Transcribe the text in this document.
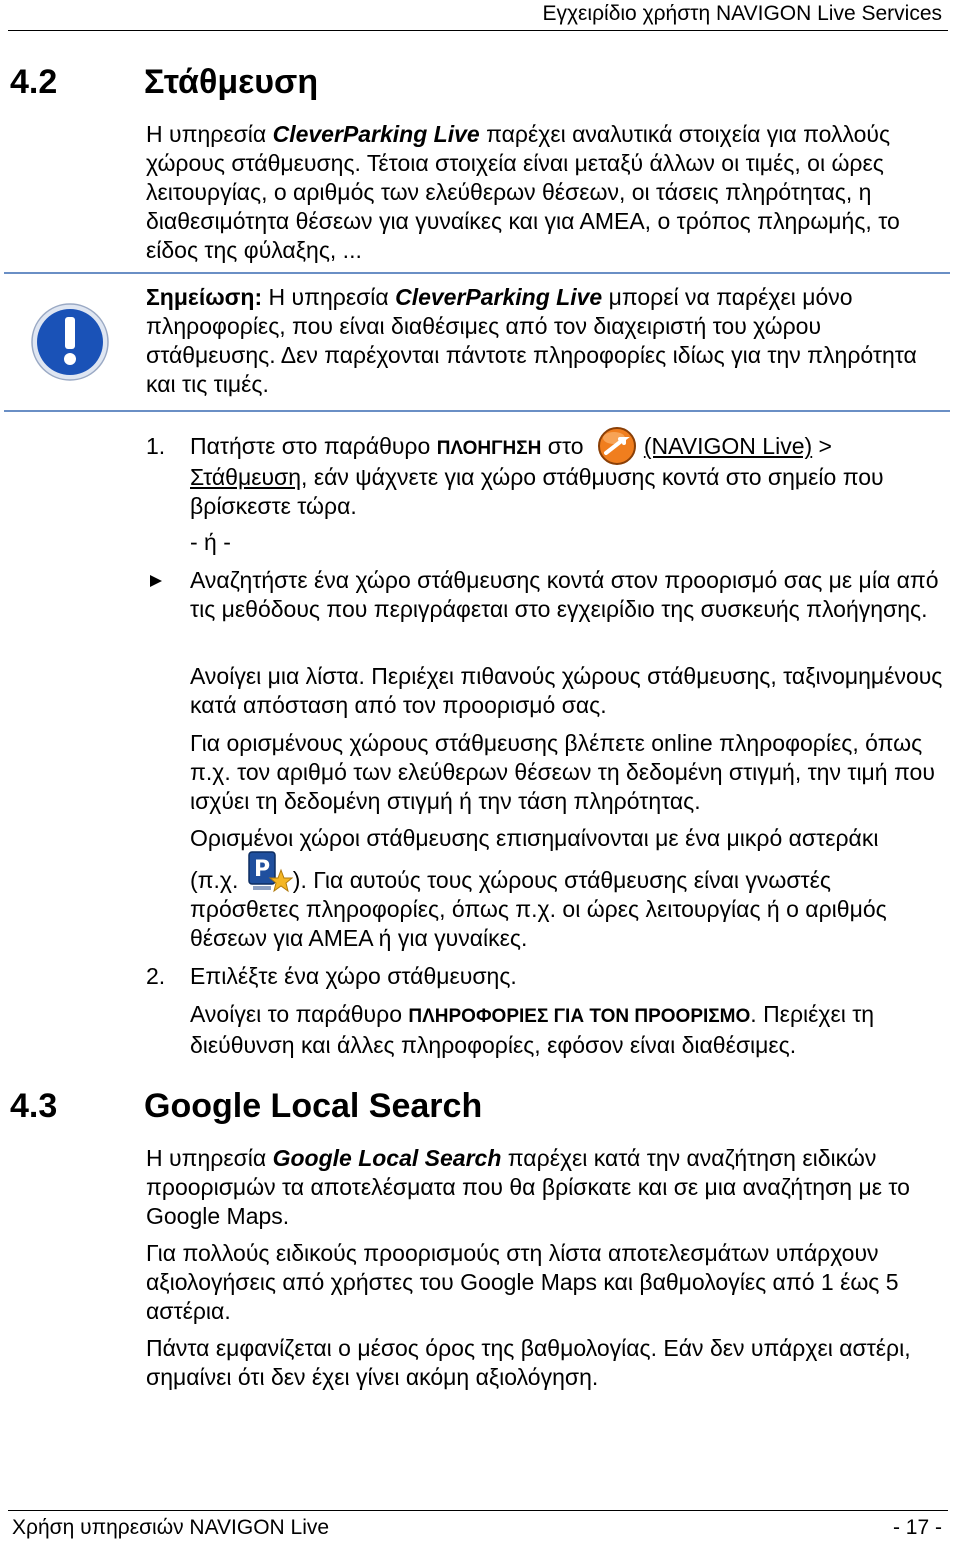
Εγχειρίδιο χρήστη NAVIGON Live Services
4.2	Στάθμευση
Η υπηρεσία CleverParking Live παρέχει αναλυτικά στοιχεία για πολλούς χώρους στάθμευσης. Τέτοια στοιχεία είναι μεταξύ άλλων οι τιμές, οι ώρες λειτουργίας, ο αριθμός των ελεύθερων θέσεων, οι τάσεις πληρότητας, η διαθεσιμότητα θέσεων για γυναίκες και για ΑΜΕΑ, ο τρόπος πληρωμής, το είδος της φύλαξης, ...
Σημείωση: Η υπηρεσία CleverParking Live μπορεί να παρέχει μόνο πληροφορίες, που είναι διαθέσιμες από τον διαχειριστή του χώρου στάθμευσης. Δεν παρέχονται πάντοτε πληροφορίες ιδίως για την πληρότητα και τις τιμές.
1. Πατήστε στο παράθυρο ΠΛΟΗΓΗΣΗ στο (NAVIGON Live) > Στάθμευση, εάν ψάχνετε για χώρο στάθμυσης κοντά στο σημείο που βρίσκεστε τώρα.
- ή -
Αναζητήστε ένα χώρο στάθμευσης κοντά στον προορισμό σας με μία από τις μεθόδους που περιγράφεται στο εγχειρίδιο της συσκευής πλοήγησης.
Ανοίγει μια λίστα. Περιέχει πιθανούς χώρους στάθμευσης, ταξινομημένους κατά απόσταση από τον προορισμό σας.
Για ορισμένους χώρους στάθμευσης βλέπετε online πληροφορίες, όπως π.χ. τον αριθμό των ελεύθερων θέσεων τη δεδομένη στιγμή, την τιμή που ισχύει τη δεδομένη στιγμή ή την τάση πληρότητας.
Ορισμένοι χώροι στάθμευσης επισημαίνονται με ένα μικρό αστεράκι
(π.χ. P ). Για αυτούς τους χώρους στάθμευσης είναι γνωστές πρόσθετες πληροφορίες, όπως π.χ. οι ώρες λειτουργίας ή ο αριθμός θέσεων για ΑΜΕΑ ή για γυναίκες.
2. Επιλέξτε ένα χώρο στάθμευσης.
Ανοίγει το παράθυρο ΠΛΗΡΟΦΟΡΙΕΣ ΓΙΑ ΤΟΝ ΠΡΟΟΡΙΣΜΟ. Περιέχει τη διεύθυνση και άλλες πληροφορίες, εφόσον είναι διαθέσιμες.
4.3	Google Local Search
Η υπηρεσία Google Local Search παρέχει κατά την αναζήτηση ειδικών προορισμών τα αποτελέσματα που θα βρίσκατε και σε μια αναζήτηση με το Google Maps.
Για πολλούς ειδικούς προορισμούς στη λίστα αποτελεσμάτων υπάρχουν αξιολογήσεις από χρήστες του Google Maps και βαθμολογίες από 1 έως 5 αστέρια.
Πάντα εμφανίζεται ο μέσος όρος της βαθμολογίας. Εάν δεν υπάρχει αστέρι, σημαίνει ότι δεν έχει γίνει ακόμη αξιολόγηση.
Χρήση υπηρεσιών NAVIGON Live	- 17 -
